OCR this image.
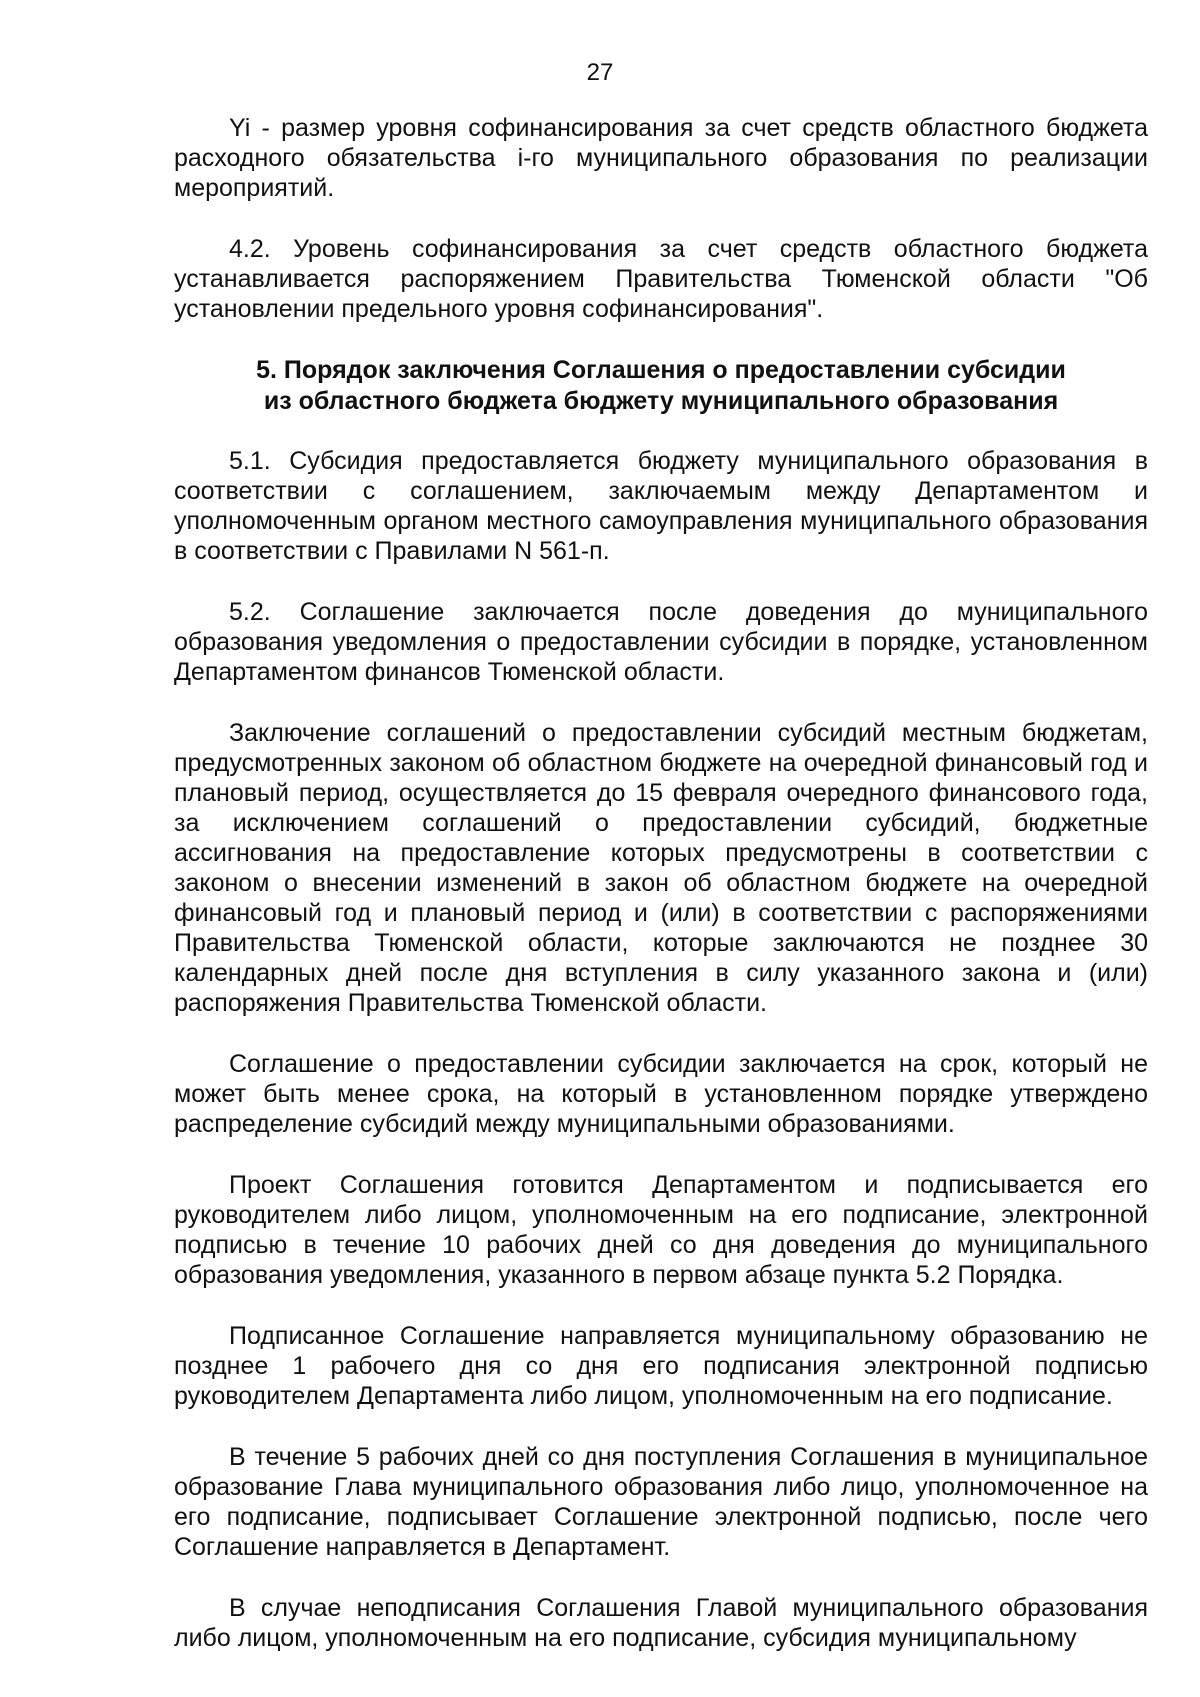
27

Yi - размер уровня софинансирования за счет средств областного бюджета расходного обязательства i-го муниципального образования по реализации мероприятий.

4.2. Уровень софинансирования за счет средств областного бюджета устанавливается распоряжением Правительства Тюменской области "Об установлении предельного уровня софинансирования".

5. Порядок заключения Соглашения о предоставлении субсидии
из областного бюджета бюджету муниципального образования

5.1. Субсидия предоставляется бюджету муниципального образования в соответствии с соглашением, заключаемым между Департаментом и уполномоченным органом местного самоуправления муниципального образования в соответствии с Правилами N 561-п.

5.2. Соглашение заключается после доведения до муниципального образования уведомления о предоставлении субсидии в порядке, установленном Департаментом финансов Тюменской области.

Заключение соглашений о предоставлении субсидий местным бюджетам, предусмотренных законом об областном бюджете на очередной финансовый год и плановый период, осуществляется до 15 февраля очередного финансового года, за исключением соглашений о предоставлении субсидий, бюджетные ассигнования на предоставление которых предусмотрены в соответствии с законом о внесении изменений в закон об областном бюджете на очередной финансовый год и плановый период и (или) в соответствии с распоряжениями Правительства Тюменской области, которые заключаются не позднее 30 календарных дней после дня вступления в силу указанного закона и (или) распоряжения Правительства Тюменской области.

Соглашение о предоставлении субсидии заключается на срок, который не может быть менее срока, на который в установленном порядке утверждено распределение субсидий между муниципальными образованиями.

Проект Соглашения готовится Департаментом и подписывается его руководителем либо лицом, уполномоченным на его подписание, электронной подписью в течение 10 рабочих дней со дня доведения до муниципального образования уведомления, указанного в первом абзаце пункта 5.2 Порядка.

Подписанное Соглашение направляется муниципальному образованию не позднее 1 рабочего дня со дня его подписания электронной подписью руководителем Департамента либо лицом, уполномоченным на его подписание.

В течение 5 рабочих дней со дня поступления Соглашения в муниципальное образование Глава муниципального образования либо лицо, уполномоченное на его подписание, подписывает Соглашение электронной подписью, после чего Соглашение направляется в Департамент.

В случае неподписания Соглашения Главой муниципального образования либо лицом, уполномоченным на его подписание, субсидия муниципальному
